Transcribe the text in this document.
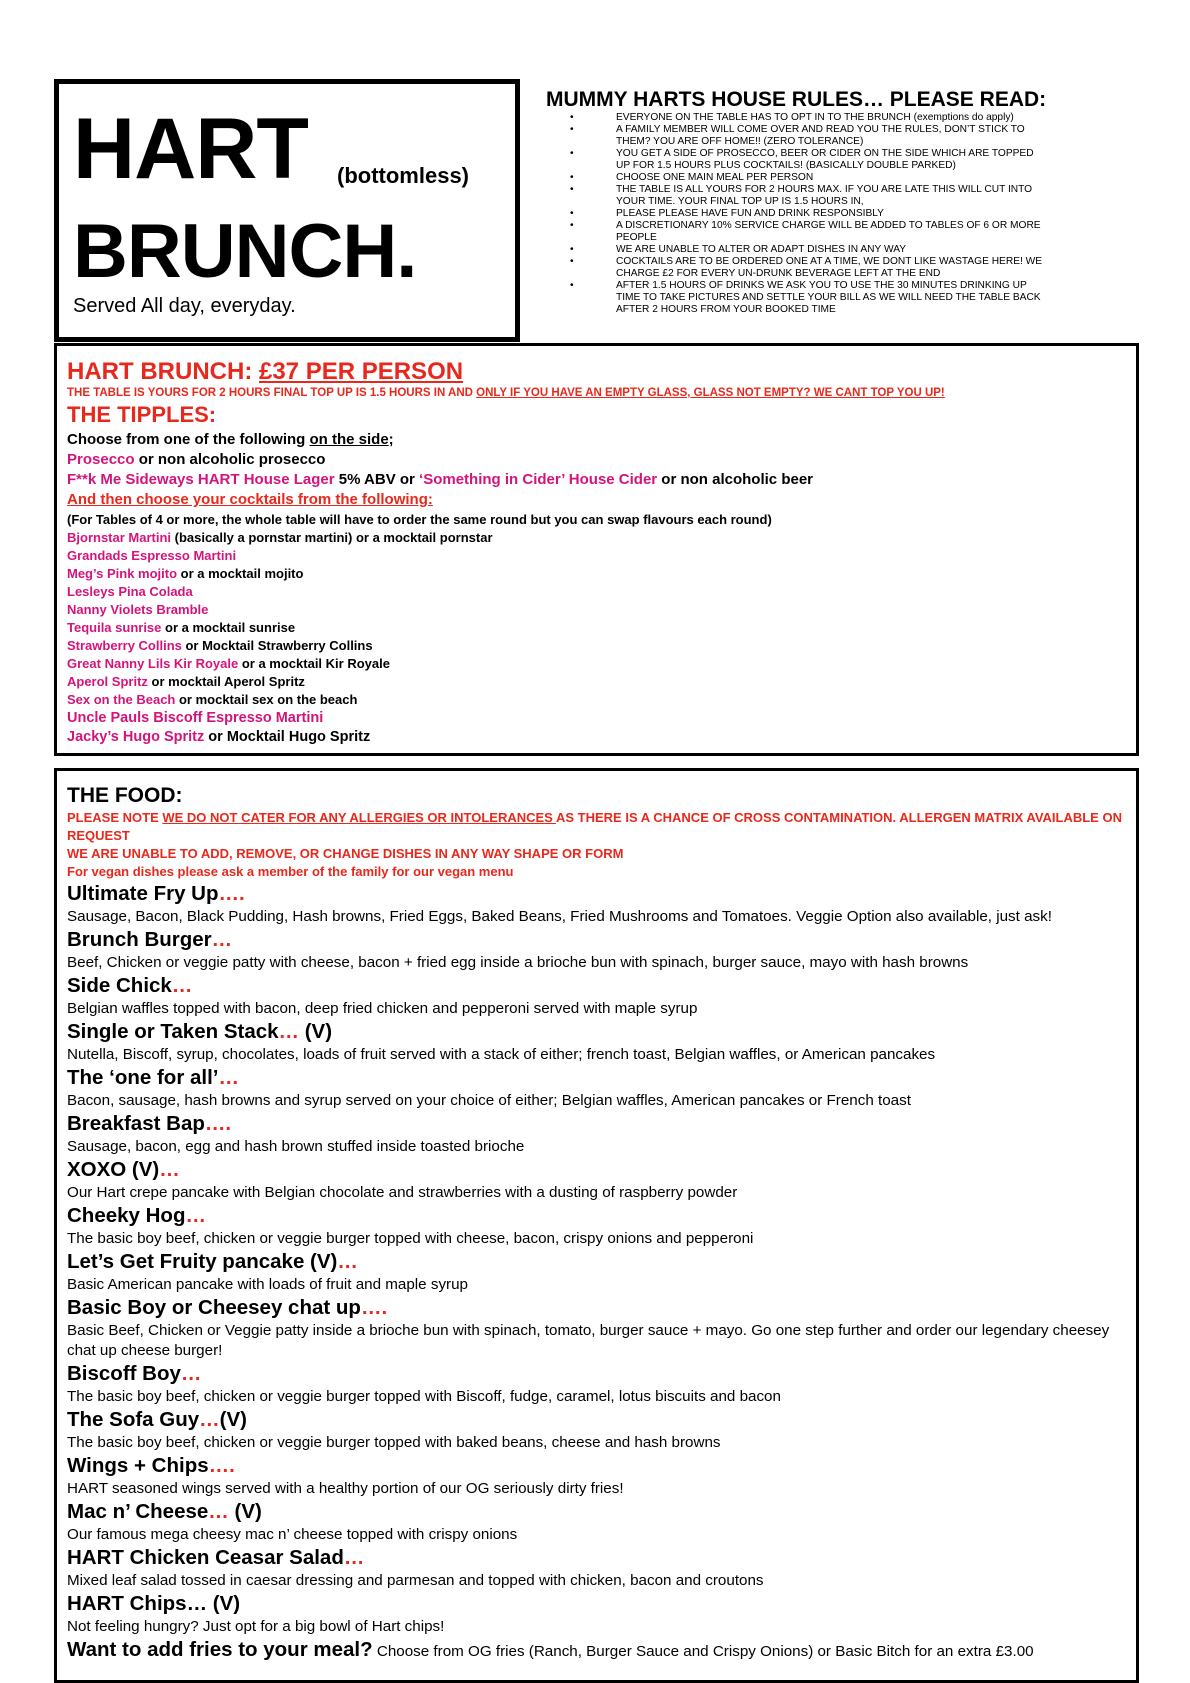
HART (bottomless)
BRUNCH.
Served All day, everyday.
MUMMY HARTS HOUSE RULES… PLEASE READ:
•	EVERYONE ON THE TABLE HAS TO OPT IN TO THE BRUNCH (exemptions do apply)
•	A FAMILY MEMBER WILL COME OVER AND READ YOU THE RULES, DON’T STICK TO
THEM? YOU ARE OFF HOME!! (ZERO TOLERANCE)
•	YOU GET A SIDE OF PROSECCO, BEER OR CIDER ON THE SIDE WHICH ARE TOPPED
UP FOR 1.5 HOURS PLUS COCKTAILS! (BASICALLY DOUBLE PARKED)
•	CHOOSE ONE MAIN MEAL PER PERSON
•	THE TABLE IS ALL YOURS FOR 2 HOURS MAX. IF YOU ARE LATE THIS WILL CUT INTO
YOUR TIME. YOUR FINAL TOP UP IS 1.5 HOURS IN,
•	PLEASE PLEASE HAVE FUN AND DRINK RESPONSIBLY
•	A DISCRETIONARY 10% SERVICE CHARGE WILL BE ADDED TO TABLES OF 6 OR MORE
PEOPLE
•	WE ARE UNABLE TO ALTER OR ADAPT DISHES IN ANY WAY
•	COCKTAILS ARE TO BE ORDERED ONE AT A TIME, WE DONT LIKE WASTAGE HERE! WE
CHARGE £2 FOR EVERY UN-DRUNK BEVERAGE LEFT AT THE END
•	AFTER 1.5 HOURS OF DRINKS WE ASK YOU TO USE THE 30 MINUTES DRINKING UP
TIME TO TAKE PICTURES AND SETTLE YOUR BILL AS WE WILL NEED THE TABLE BACK
AFTER 2 HOURS FROM YOUR BOOKED TIME
HART BRUNCH: £37 PER PERSON
THE TABLE IS YOURS FOR 2 HOURS FINAL TOP UP IS 1.5 HOURS IN AND ONLY IF YOU HAVE AN EMPTY GLASS, GLASS NOT EMPTY? WE CANT TOP YOU UP!
THE TIPPLES:
Choose from one of the following on the side;
Prosecco or non alcoholic prosecco
F**k Me Sideways HART House Lager 5% ABV or ‘Something in Cider’ House Cider or non alcoholic beer
And then choose your cocktails from the following:
(For Tables of 4 or more, the whole table will have to order the same round but you can swap flavours each round)
Bjornstar Martini (basically a pornstar martini) or a mocktail pornstar
Grandads Espresso Martini
Meg’s Pink mojito or a mocktail mojito
Lesleys Pina Colada
Nanny Violets Bramble
Tequila sunrise or a mocktail sunrise
Strawberry Collins or Mocktail Strawberry Collins
Great Nanny Lils Kir Royale or a mocktail Kir Royale
Aperol Spritz or mocktail Aperol Spritz
Sex on the Beach or mocktail sex on the beach
Uncle Pauls Biscoff Espresso Martini
Jacky’s Hugo Spritz or Mocktail Hugo Spritz
THE FOOD:
PLEASE NOTE WE DO NOT CATER FOR ANY ALLERGIES OR INTOLERANCES AS THERE IS A CHANCE OF CROSS CONTAMINATION. ALLERGEN MATRIX AVAILABLE ON REQUEST
WE ARE UNABLE TO ADD, REMOVE, OR CHANGE DISHES IN ANY WAY SHAPE OR FORM
For vegan dishes please ask a member of the family for our vegan menu
Ultimate Fry Up….
Sausage, Bacon, Black Pudding, Hash browns, Fried Eggs, Baked Beans, Fried Mushrooms and Tomatoes. Veggie Option also available, just ask!
Brunch Burger…
Beef, Chicken or veggie patty with cheese, bacon + fried egg inside a brioche bun with spinach, burger sauce, mayo with hash browns
Side Chick…
Belgian waffles topped with bacon, deep fried chicken and pepperoni served with maple syrup
Single or Taken Stack… (V)
Nutella, Biscoff, syrup, chocolates, loads of fruit served with a stack of either; french toast, Belgian waffles, or American pancakes
The ‘one for all’…
Bacon, sausage, hash browns and syrup served on your choice of either; Belgian waffles, American pancakes or French toast
Breakfast Bap….
Sausage, bacon, egg and hash brown stuffed inside toasted brioche
XOXO (V)…
Our Hart crepe pancake with Belgian chocolate and strawberries with a dusting of raspberry powder
Cheeky Hog…
The basic boy beef, chicken or veggie burger topped with cheese, bacon, crispy onions and pepperoni
Let’s Get Fruity pancake (V)…
Basic American pancake with loads of fruit and maple syrup
Basic Boy or Cheesey chat up….
Basic Beef, Chicken or Veggie patty inside a brioche bun with spinach, tomato, burger sauce + mayo. Go one step further and order our legendary cheesey chat up cheese burger!
Biscoff Boy…
The basic boy beef, chicken or veggie burger topped with Biscoff, fudge, caramel, lotus biscuits and bacon
The Sofa Guy…(V)
The basic boy beef, chicken or veggie burger topped with baked beans, cheese and hash browns
Wings + Chips….
HART seasoned wings served with a healthy portion of our OG seriously dirty fries!
Mac n’ Cheese… (V)
Our famous mega cheesy mac n’ cheese topped with crispy onions
HART Chicken Ceasar Salad…
Mixed leaf salad tossed in caesar dressing and parmesan and topped with chicken, bacon and croutons
HART Chips… (V)
Not feeling hungry? Just opt for a big bowl of Hart chips!
Want to add fries to your meal? Choose from OG fries (Ranch, Burger Sauce and Crispy Onions) or Basic Bitch for an extra £3.00
